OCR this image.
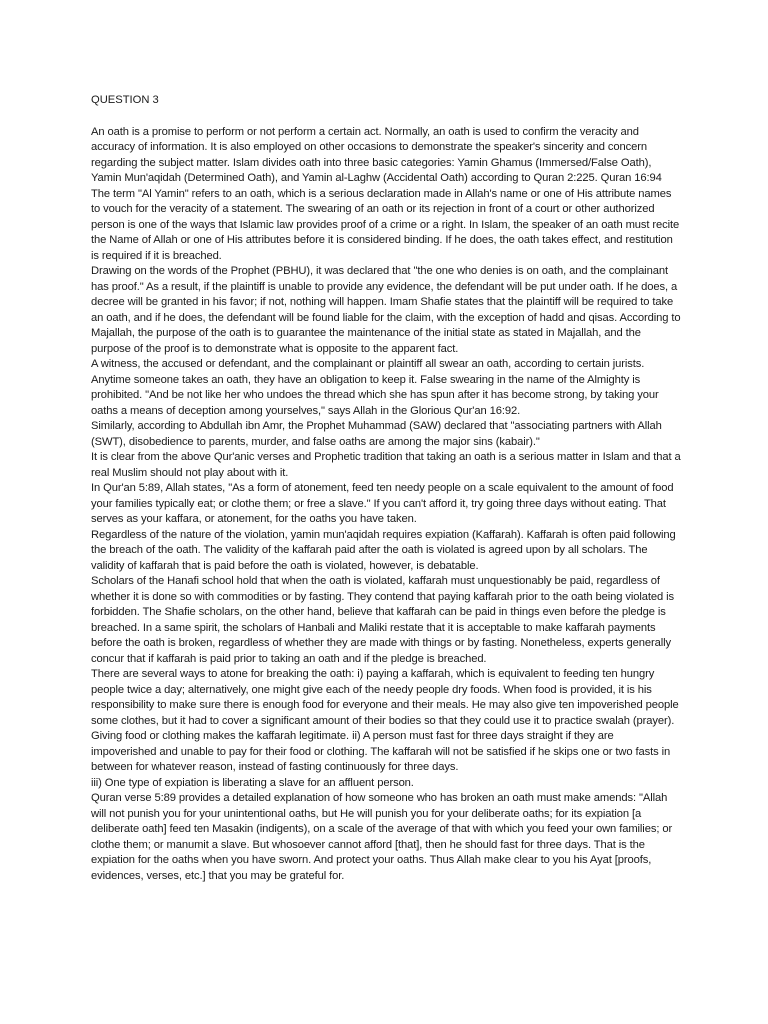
QUESTION 3

An oath is a promise to perform or not perform a certain act. Normally, an oath is used to confirm the veracity and accuracy of information. It is also employed on other occasions to demonstrate the speaker's sincerity and concern regarding the subject matter. Islam divides oath into three basic categories: Yamin Ghamus (Immersed/False Oath), Yamin Mun'aqidah (Determined Oath), and Yamin al-Laghw (Accidental Oath) according to Quran 2:225. Quran 16:94

The term "Al Yamin" refers to an oath, which is a serious declaration made in Allah's name or one of His attribute names to vouch for the veracity of a statement. The swearing of an oath or its rejection in front of a court or other authorized person is one of the ways that Islamic law provides proof of a crime or a right. In Islam, the speaker of an oath must recite the Name of Allah or one of His attributes before it is considered binding. If he does, the oath takes effect, and restitution is required if it is breached.

Drawing on the words of the Prophet (PBHU), it was declared that "the one who denies is on oath, and the complainant has proof." As a result, if the plaintiff is unable to provide any evidence, the defendant will be put under oath. If he does, a decree will be granted in his favor; if not, nothing will happen. Imam Shafie states that the plaintiff will be required to take an oath, and if he does, the defendant will be found liable for the claim, with the exception of hadd and qisas. According to Majallah, the purpose of the oath is to guarantee the maintenance of the initial state as stated in Majallah, and the purpose of the proof is to demonstrate what is opposite to the apparent fact.

A witness, the accused or defendant, and the complainant or plaintiff all swear an oath, according to certain jurists. Anytime someone takes an oath, they have an obligation to keep it. False swearing in the name of the Almighty is prohibited. "And be not like her who undoes the thread which she has spun after it has become strong, by taking your oaths a means of deception among yourselves," says Allah in the Glorious Qur'an 16:92.

Similarly, according to Abdullah ibn Amr, the Prophet Muhammad (SAW) declared that "associating partners with Allah (SWT), disobedience to parents, murder, and false oaths are among the major sins (kabair)."

It is clear from the above Qur'anic verses and Prophetic tradition that taking an oath is a serious matter in Islam and that a real Muslim should not play about with it.

In Qur'an 5:89, Allah states, "As a form of atonement, feed ten needy people on a scale equivalent to the amount of food your families typically eat; or clothe them; or free a slave." If you can't afford it, try going three days without eating. That serves as your kaffara, or atonement, for the oaths you have taken.

Regardless of the nature of the violation, yamin mun'aqidah requires expiation (Kaffarah). Kaffarah is often paid following the breach of the oath. The validity of the kaffarah paid after the oath is violated is agreed upon by all scholars. The validity of kaffarah that is paid before the oath is violated, however, is debatable.

Scholars of the Hanafi school hold that when the oath is violated, kaffarah must unquestionably be paid, regardless of whether it is done so with commodities or by fasting. They contend that paying kaffarah prior to the oath being violated is forbidden. The Shafie scholars, on the other hand, believe that kaffarah can be paid in things even before the pledge is breached. In a same spirit, the scholars of Hanbali and Maliki restate that it is acceptable to make kaffarah payments before the oath is broken, regardless of whether they are made with things or by fasting. Nonetheless, experts generally concur that if kaffarah is paid prior to taking an oath and if the pledge is breached.

There are several ways to atone for breaking the oath: i) paying a kaffarah, which is equivalent to feeding ten hungry people twice a day; alternatively, one might give each of the needy people dry foods. When food is provided, it is his responsibility to make sure there is enough food for everyone and their meals. He may also give ten impoverished people some clothes, but it had to cover a significant amount of their bodies so that they could use it to practice swalah (prayer). Giving food or clothing makes the kaffarah legitimate. ii) A person must fast for three days straight if they are impoverished and unable to pay for their food or clothing. The kaffarah will not be satisfied if he skips one or two fasts in between for whatever reason, instead of fasting continuously for three days.

iii) One type of expiation is liberating a slave for an affluent person.

Quran verse 5:89 provides a detailed explanation of how someone who has broken an oath must make amends: "Allah will not punish you for your unintentional oaths, but He will punish you for your deliberate oaths; for its expiation [a deliberate oath] feed ten Masakin (indigents), on a scale of the average of that with which you feed your own families; or clothe them; or manumit a slave. But whosoever cannot afford [that], then he should fast for three days. That is the expiation for the oaths when you have sworn. And protect your oaths. Thus Allah make clear to you his Ayat [proofs, evidences, verses, etc.] that you may be grateful for.
